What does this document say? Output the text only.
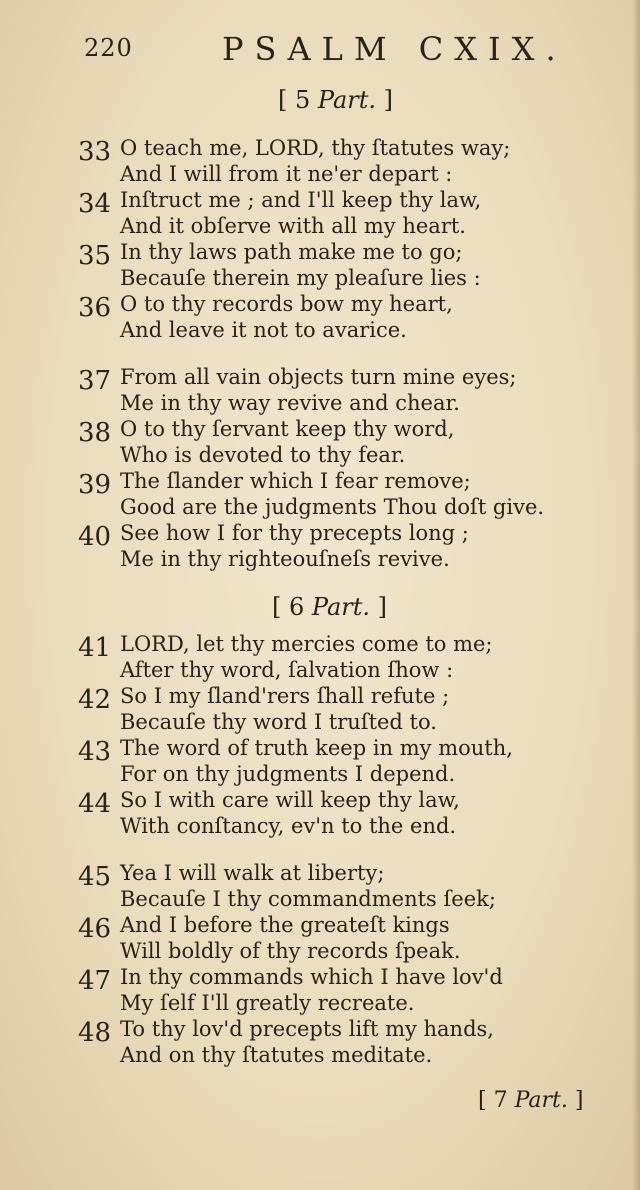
220	PSALM CXIX.
[ 5 Part. ]
33 O teach me, LORD, thy ſtatutes way;
And I will from it ne'er depart :
34 Inſtruct me ; and I'll keep thy law,
And it obſerve with all my heart.
35 In thy laws path make me to go;
Becauſe therein my pleaſure lies :
36 O to thy records bow my heart,
And leave it not to avarice.
37 From all vain objects turn mine eyes;
Me in thy way revive and chear.
38 O to thy ſervant keep thy word,
Who is devoted to thy fear.
39 The ſlander which I fear remove;
Good are the judgments Thou doſt give.
40 See how I for thy precepts long ;
Me in thy righteouſneſs revive.
[ 6 Part. ]
41 LORD, let thy mercies come to me;
After thy word, ſalvation ſhow :
42 So I my ſland'rers ſhall refute ;
Becauſe thy word I truſted to.
43 The word of truth keep in my mouth,
For on thy judgments I depend.
44 So I with care will keep thy law,
With conſtancy, ev'n to the end.
45 Yea I will walk at liberty;
Becauſe I thy commandments ſeek;
46 And I before the greateſt kings
Will boldly of thy records ſpeak.
47 In thy commands which I have lov'd
My ſelf I'll greatly recreate.
48 To thy lov'd precepts lift my hands,
And on thy ſtatutes meditate.
[ 7 Part. ]
